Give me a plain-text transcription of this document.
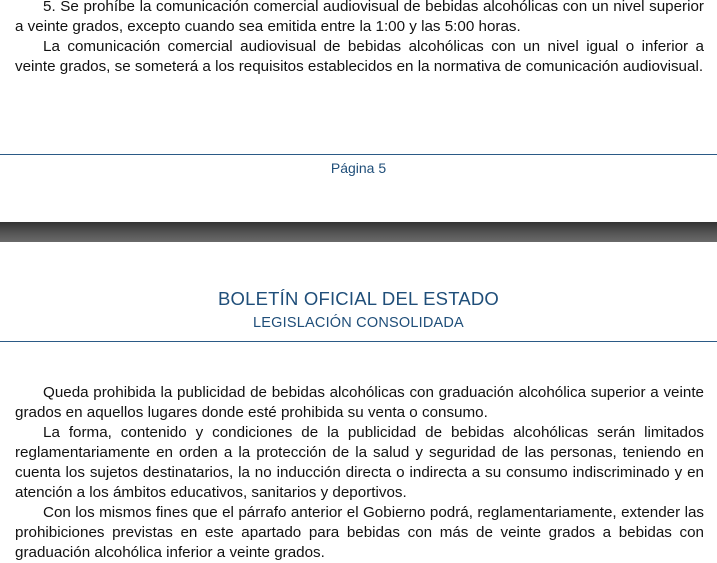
5. Se prohíbe la comunicación comercial audiovisual de bebidas alcohólicas con un nivel superior a veinte grados, excepto cuando sea emitida entre la 1:00 y las 5:00 horas.

La comunicación comercial audiovisual de bebidas alcohólicas con un nivel igual o inferior a veinte grados, se someterá a los requisitos establecidos en la normativa de comunicación audiovisual.

Página 5
BOLETÍN OFICIAL DEL ESTADO
LEGISLACIÓN CONSOLIDADA

Queda prohibida la publicidad de bebidas alcohólicas con graduación alcohólica superior a veinte grados en aquellos lugares donde esté prohibida su venta o consumo.

La forma, contenido y condiciones de la publicidad de bebidas alcohólicas serán limitados reglamentariamente en orden a la protección de la salud y seguridad de las personas, teniendo en cuenta los sujetos destinatarios, la no inducción directa o indirecta a su consumo indiscriminado y en atención a los ámbitos educativos, sanitarios y deportivos.

Con los mismos fines que el párrafo anterior el Gobierno podrá, reglamentariamente, extender las prohibiciones previstas en este apartado para bebidas con más de veinte grados a bebidas con graduación alcohólica inferior a veinte grados.
